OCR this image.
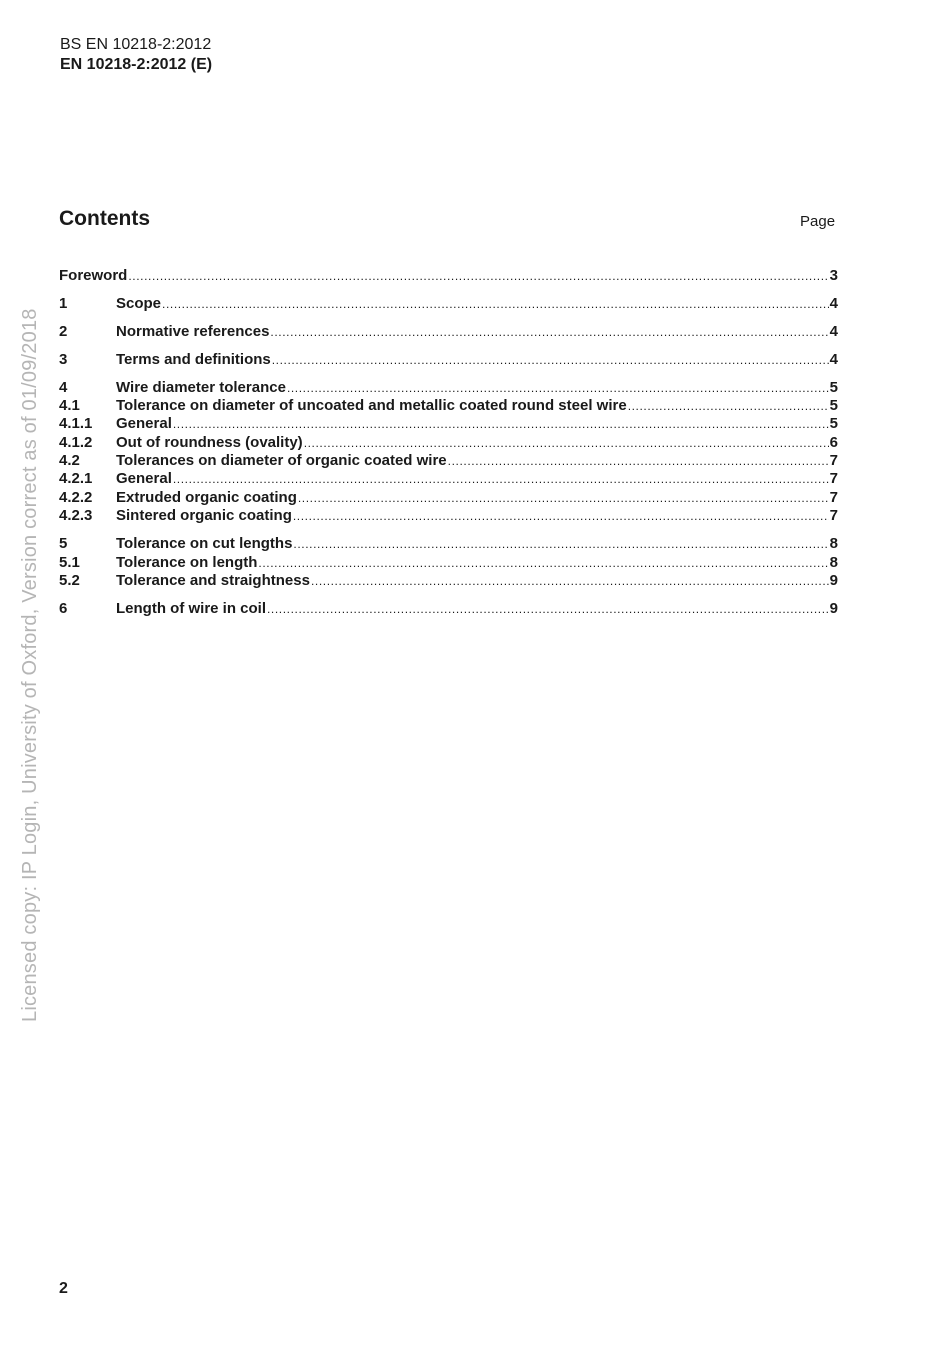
BS EN 10218-2:2012
EN 10218-2:2012 (E)
Contents	Page
Foreword .....	3
1	Scope .....	4
2	Normative references .....	4
3	Terms and definitions .....	4
4	Wire diameter tolerance .....	5
4.1	Tolerance on diameter of uncoated and metallic coated round steel wire .....	5
4.1.1	General .....	5
4.1.2	Out of roundness (ovality) .....	6
4.2	Tolerances on diameter of organic coated wire .....	7
4.2.1	General .....	7
4.2.2	Extruded organic coating .....	7
4.2.3	Sintered organic coating .....	7
5	Tolerance on cut lengths .....	8
5.1	Tolerance on length .....	8
5.2	Tolerance and straightness .....	9
6	Length of wire in coil .....	9
Licensed copy: IP Login, University of Oxford, Version correct as of 01/09/2018
2
